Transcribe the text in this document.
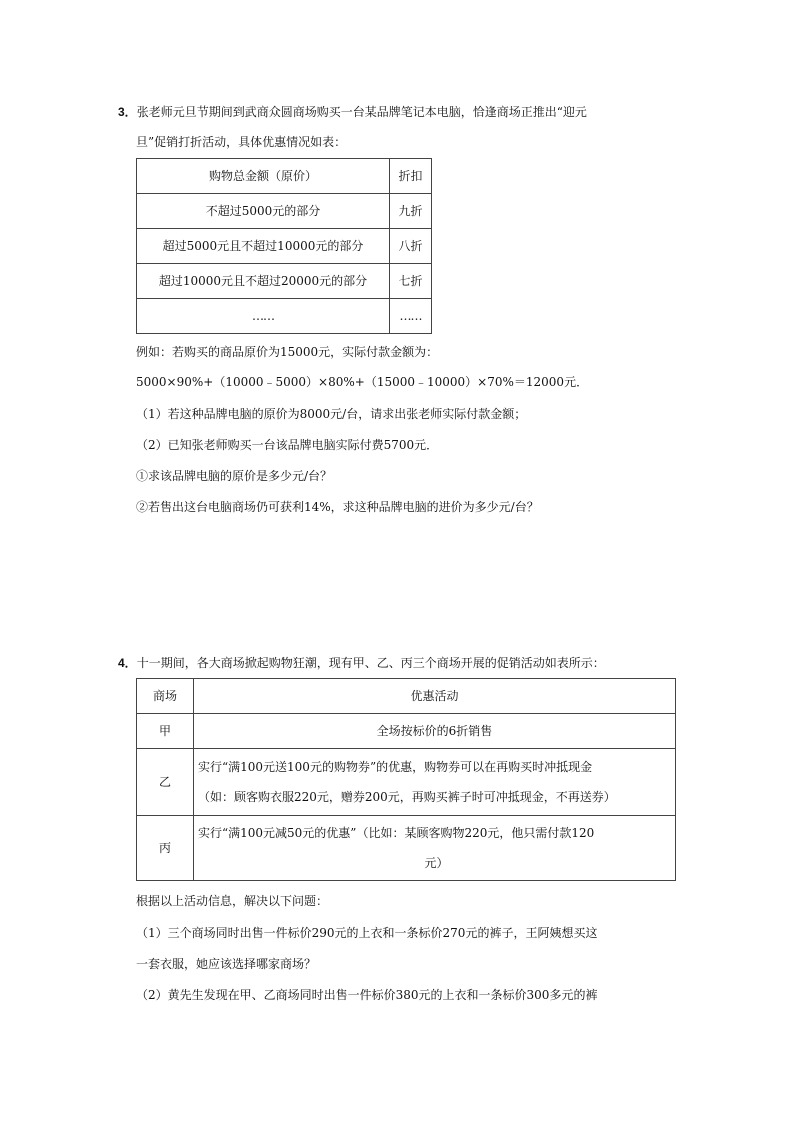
3．张老师元旦节期间到武商众圆商场购买一台某品牌笔记本电脑，恰逢商场正推出“迎元
旦”促销打折活动，具体优惠情况如表：
购物总金额（原价）	折扣
不超过5000元的部分	九折
超过5000元且不超过10000元的部分	八折
超过10000元且不超过20000元的部分	七折
……	……
例如：若购买的商品原价为15000元，实际付款金额为：
5000×90%+（10000﹣5000）×80%+（15000﹣10000）×70%＝12000元．
（1）若这种品牌电脑的原价为8000元/台，请求出张老师实际付款金额；
（2）已知张老师购买一台该品牌电脑实际付费5700元．
①求该品牌电脑的原价是多少元/台？
②若售出这台电脑商场仍可获利14%，求这种品牌电脑的进价为多少元/台？
4．十一期间，各大商场掀起购物狂潮，现有甲、乙、丙三个商场开展的促销活动如表所示：
商场	优惠活动
甲	全场按标价的6折销售
乙	实行“满100元送100元的购物券”的优惠，购物券可以在再购买时冲抵现金
（如：顾客购衣服220元，赠券200元，再购买裤子时可冲抵现金，不再送券）

丙	实行“满100元减50元的优惠”（比如：某顾客购物220元，他只需付款120
元）
根据以上活动信息，解决以下问题：
（1）三个商场同时出售一件标价290元的上衣和一条标价270元的裤子，王阿姨想买这
一套衣服，她应该选择哪家商场？
（2）黄先生发现在甲、乙商场同时出售一件标价380元的上衣和一条标价300多元的裤
